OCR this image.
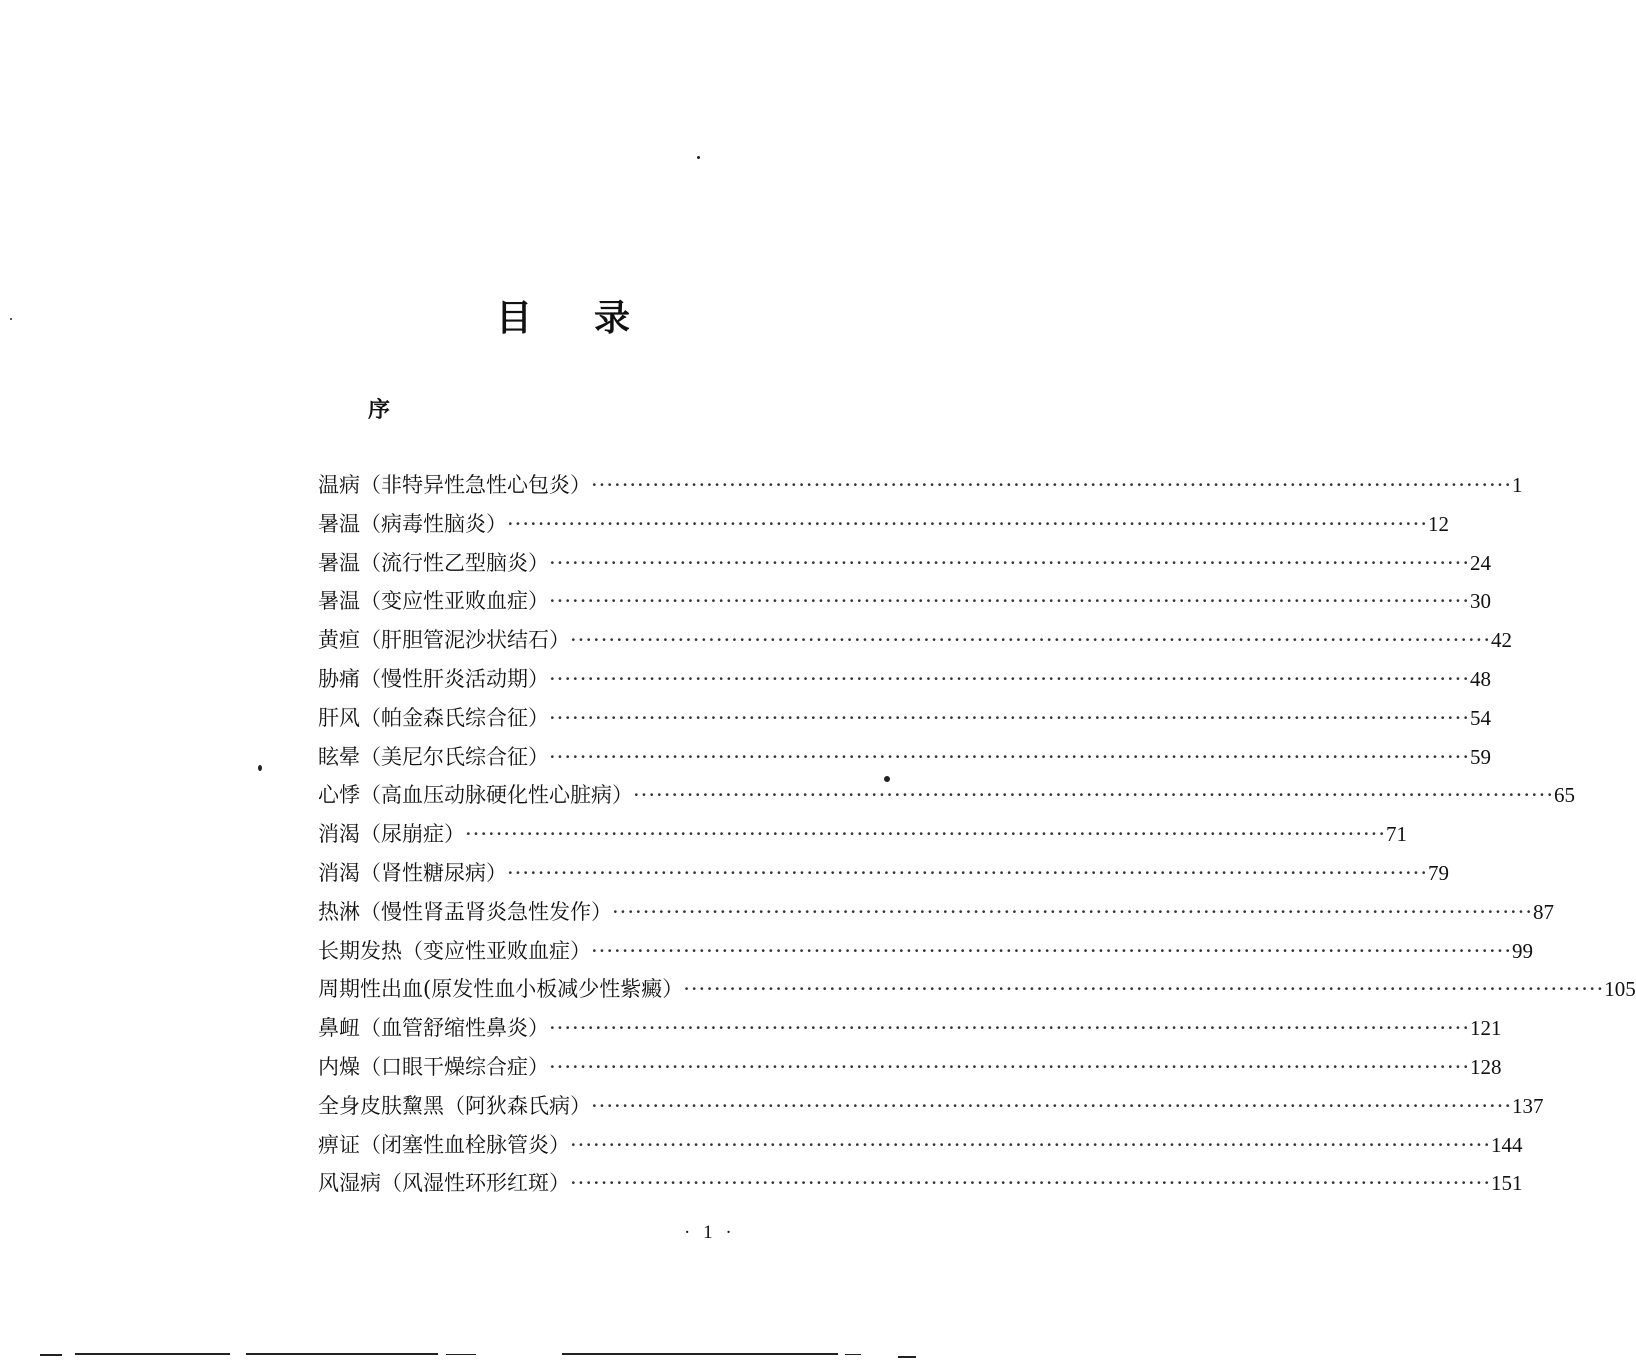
目录
序
温病（非特异性急性心包炎） ························································································································ 1
暑温（病毒性脑炎） ························································································································ 12
暑温（流行性乙型脑炎） ························································································································ 24
暑温（变应性亚败血症） ························································································································ 30
黄疸（肝胆管泥沙状结石） ························································································································ 42
胁痛（慢性肝炎活动期） ························································································································ 48
肝风（帕金森氏综合征） ························································································································ 54
眩晕（美尼尔氏综合征） ························································································································ 59
心悸（高血压动脉硬化性心脏病） ························································································································ 65
消渴（尿崩症） ························································································································ 71
消渴（肾性糖尿病） ························································································································ 79
热淋（慢性肾盂肾炎急性发作） ························································································································ 87
长期发热（变应性亚败血症） ························································································································ 99
周期性出血(原发性血小板减少性紫癜） ························································································································ 105
鼻衄（血管舒缩性鼻炎） ························································································································ 121
内燥（口眼干燥综合症） ························································································································ 128
全身皮肤黧黑（阿狄森氏病） ························································································································ 137
痹证（闭塞性血栓脉管炎） ························································································································ 144
风湿病（风湿性环形红斑） ························································································································ 151
· 1 ·
